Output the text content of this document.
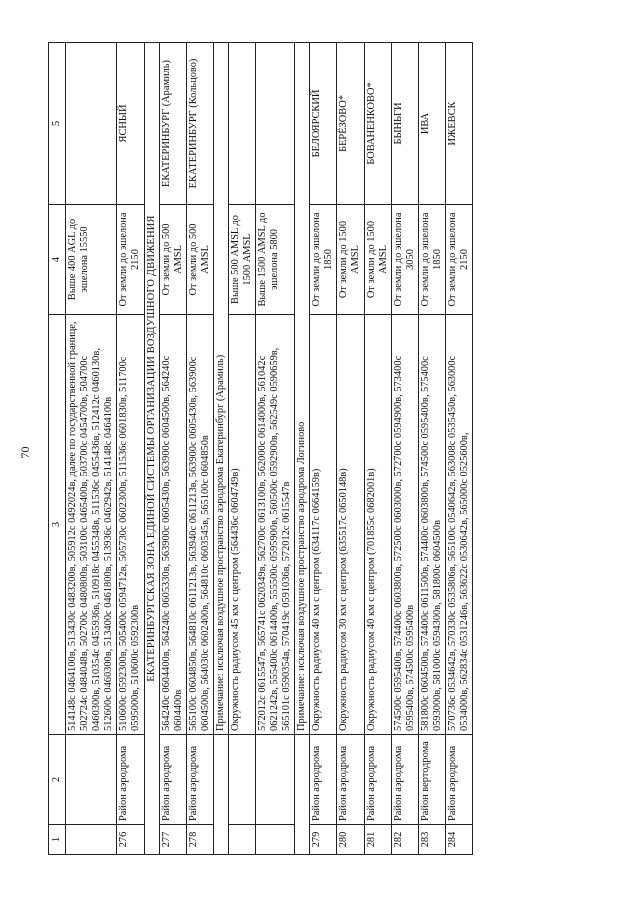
70
1	2	3	4	5
		514148с 0464100в, 513430с 0483200в, 505912с 0492024в, далее по государственной границе, 502724с 0484048в, 502700с 0480800в, 503100с 0465400в, 503700с 0454700в, 504700с 0460300в, 510354с 0455936в, 510918с 0455348в, 511536с 0455436в, 512412с 0460130в, 512600с 0460300в, 513400с 0461800в, 513936с 0462942в, 514148с 0464100в	Выше 400 AGL до эшелона 15550	
276	Район аэродрома	510600с 0592300в, 505400с 0594712в, 505730с 0602300в, 511536с 0601830в, 511700с 0595000в, 510600с 0592300в	От земли до эшелона 2150	ЯСНЫЙ
ЕКАТЕРИНБУРГСКАЯ ЗОНА ЕДИНОЙ СИСТЕМЫ ОРГАНИЗАЦИИ ВОЗДУШНОГО ДВИЖЕНИЯ				
277	Район аэродрома	564240с 0604400в, 564240с 0605330в, 563900с 0605430в, 563900с 0604500в, 564240с 0604400в	От земли до 500 AMSL	ЕКАТЕРИНБУРГ (Арамиль)
278	Район аэродрома	565100с 0604850в, 564810с 0611213в, 563940с 0611213в, 563900с 0605430в, 563900с 0604500в, 564030с 0602400в, 564810с 0603545в, 565100с 0604850в	От земли до 500 AMSL	ЕКАТЕРИНБУРГ (Кольцово)
		Примечание: исключая воздушное пространство аэродрома Екатеринбург (Арамиль)		
		Окружность радиусом 45 км с центром (564436с 0604749в)	Выше 500 AMSL до 1500 AMSL	
		572012с 0615547в, 565741с 0620349в, 562700с 0613100в, 562000с 0614000в, 561042с 0621242в, 555400с 0614400в, 555500с 0595900в, 560500с 0592900в, 562549с 0590659в, 565101с 0590354в, 570419с 0591036в, 572012с 0615547в	Выше 1500 AMSL до эшелона 5800	
		Примечание: исключая воздушное пространство аэродрома Логиново		
279	Район аэродрома	Окружность радиусом 40 км с центром (634117с 0664159в)	От земли до эшелона 1850	БЕЛОЯРСКИЙ
280	Район аэродрома	Окружность радиусом 30 км с центром (635517с 0650148в)	От земли до 1500 AMSL	БЕРЁЗОВО*
281	Район аэродрома	Окружность радиусом 40 км с центром (701855с 0682001в)	От земли до 1500 AMSL	БОВАНЕНКОВО*
282	Район аэродрома	574500с 0595400в, 574400с 0603800в, 572500с 0603000в, 572700с 0594900в, 573400с 0595400в, 574500с 0595400в	От земли до эшелона 3050	БЫНЬГИ
283	Район вертодрома	581800с 0604500в, 574400с 0611500в, 574400с 0603800в, 574500с 0595400в, 575400с 0593000в, 581000с 0594300в, 581800с 0604500в	От земли до эшелона 1850	ИВА
284	Район аэродрома	570736с 0534642в, 570330с 0535806в, 565100с 0540642в, 563008с 0535450в, 563000с 0534000в, 562834с 0531246в, 563622с 0530642в, 565000с 0525600в,	От земли до эшелона 2150	ИЖЕВСК
